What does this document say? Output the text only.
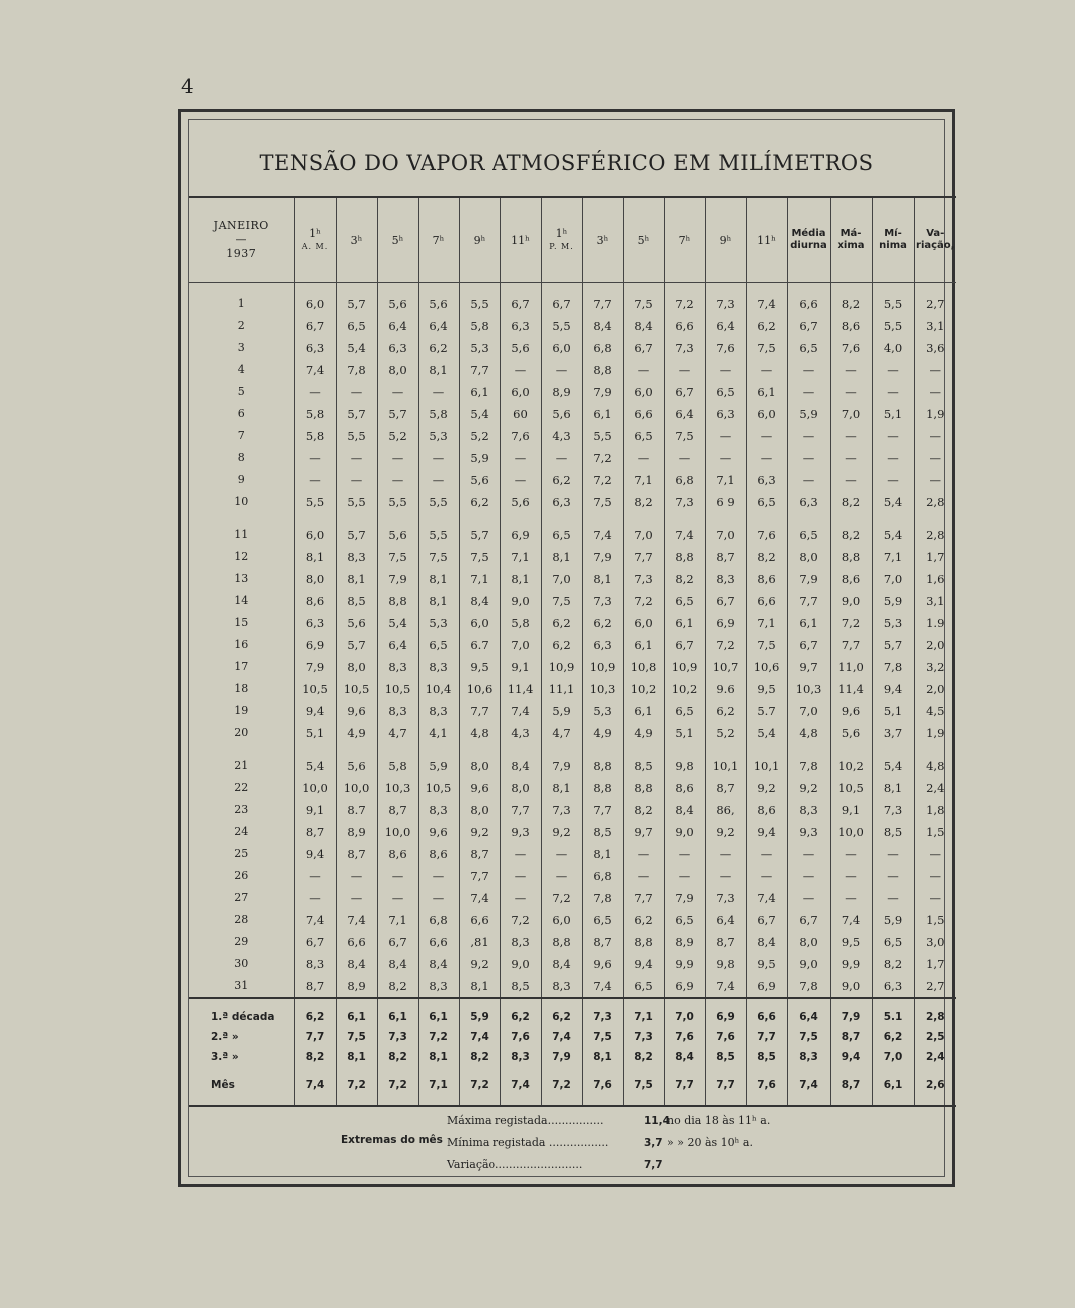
4
TENSÃO DO VAPOR ATMOSFÉRICO EM MILÍMETROS
JANEIRO
—
1937	1ʰ
A. M.	3ʰ	5ʰ	7ʰ	9ʰ	11ʰ	1ʰ
P. M.	3ʰ	5ʰ	7ʰ	9ʰ	11ʰ	Média diurna	Má- xima	Mí- nima	Va- riação,
1	6,0	5,7	5,6	5,6	5,5	6,7	6,7	7,7	7,5	7,2	7,3	7,4	6,6	8,2	5,5	2,7
2	6,7	6,5	6,4	6,4	5,8	6,3	5,5	8,4	8,4	6,6	6,4	6,2	6,7	8,6	5,5	3,1
3	6,3	5,4	6,3	6,2	5,3	5,6	6,0	6,8	6,7	7,3	7,6	7,5	6,5	7,6	4,0	3,6
4	7,4	7,8	8,0	8,1	7,7	—	—	8,8	—	—	—	—	—	—	—	—
5	—	—	—	—	6,1	6,0	8,9	7,9	6,0	6,7	6,5	6,1	—	—	—	—
6	5,8	5,7	5,7	5,8	5,4	60	5,6	6,1	6,6	6,4	6,3	6,0	5,9	7,0	5,1	1,9
7	5,8	5,5	5,2	5,3	5,2	7,6	4,3	5,5	6,5	7,5	—	—	—	—	—	—
8	—	—	—	—	5,9	—	—	7,2	—	—	—	—	—	—	—	—
9	—	—	—	—	5,6	—	6,2	7,2	7,1	6,8	7,1	6,3	—	—	—	—
10	5,5	5,5	5,5	5,5	6,2	5,6	6,3	7,5	8,2	7,3	6 9	6,5	6,3	8,2	5,4	2,8

11	6,0	5,7	5,6	5,5	5,7	6,9	6,5	7,4	7,0	7,4	7,0	7,6	6,5	8,2	5,4	2,8
12	8,1	8,3	7,5	7,5	7,5	7,1	8,1	7,9	7,7	8,8	8,7	8,2	8,0	8,8	7,1	1,7
13	8,0	8,1	7,9	8,1	7,1	8,1	7,0	8,1	7,3	8,2	8,3	8,6	7,9	8,6	7,0	1,6
14	8,6	8,5	8,8	8,1	8,4	9,0	7,5	7,3	7,2	6,5	6,7	6,6	7,7	9,0	5,9	3,1
15	6,3	5,6	5,4	5,3	6,0	5,8	6,2	6,2	6,0	6,1	6,9	7,1	6,1	7,2	5,3	1.9
16	6,9	5,7	6,4	6,5	6.7	7,0	6,2	6,3	6,1	6,7	7,2	7,5	6,7	7,7	5,7	2,0
17	7,9	8,0	8,3	8,3	9,5	9,1	10,9	10,9	10,8	10,9	10,7	10,6	9,7	11,0	7,8	3,2
18	10,5	10,5	10,5	10,4	10,6	11,4	11,1	10,3	10,2	10,2	9.6	9,5	10,3	11,4	9,4	2,0
19	9,4	9,6	8,3	8,3	7,7	7,4	5,9	5,3	6,1	6,5	6,2	5.7	7,0	9,6	5,1	4,5
20	5,1	4,9	4,7	4,1	4,8	4,3	4,7	4,9	4,9	5,1	5,2	5,4	4,8	5,6	3,7	1,9

21	5,4	5,6	5,8	5,9	8,0	8,4	7,9	8,8	8,5	9,8	10,1	10,1	7,8	10,2	5,4	4,8
22	10,0	10,0	10,3	10,5	9,6	8,0	8,1	8,8	8,8	8,6	8,7	9,2	9,2	10,5	8,1	2,4
23	9,1	8.7	8,7	8,3	8,0	7,7	7,3	7,7	8,2	8,4	86,	8,6	8,3	9,1	7,3	1,8
24	8,7	8,9	10,0	9,6	9,2	9,3	9,2	8,5	9,7	9,0	9,2	9,4	9,3	10,0	8,5	1,5
25	9,4	8,7	8,6	8,6	8,7	—	—	8,1	—	—	—	—	—	—	—	—
26	—	—	—	—	7,7	—	—	6,8	—	—	—	—	—	—	—	—
27	—	—	—	—	7,4	—	7,2	7,8	7,7	7,9	7,3	7,4	—	—	—	—
28	7,4	7,4	7,1	6,8	6,6	7,2	6,0	6,5	6,2	6,5	6,4	6,7	6,7	7,4	5,9	1,5
29	6,7	6,6	6,7	6,6	,81	8,3	8,8	8,7	8,8	8,9	8,7	8,4	8,0	9,5	6,5	3,0
30	8,3	8,4	8,4	8,4	9,2	9,0	8,4	9,6	9,4	9,9	9,8	9,5	9,0	9,9	8,2	1,7
31	8,7	8,9	8,2	8,3	8,1	8,5	8,3	7,4	6,5	6,9	7,4	6,9	7,8	9,0	6,3	2,7
1.ª década	6,2	6,1	6,1	6,1	5,9	6,2	6,2	7,3	7,1	7,0	6,9	6,6	6,4	7,9	5.1	2,8
2.ª »	7,7	7,5	7,3	7,2	7,4	7,6	7,4	7,5	7,3	7,6	7,6	7,7	7,5	8,7	6,2	2,5
3.ª »	8,2	8,1	8,2	8,1	8,2	8,3	7,9	8,1	8,2	8,4	8,5	8,5	8,3	9,4	7,0	2,4
Mês	7,4	7,2	7,2	7,1	7,2	7,4	7,2	7,6	7,5	7,7	7,7	7,6	7,4	8,7	6,1	2,6
Extremas do mês
Máxima registada................	11,4
no dia 18 às 11ʰ a.
Mínima registada .................	3,7 » » 20 às 10ʰ a.
Variação.........................	7,7
